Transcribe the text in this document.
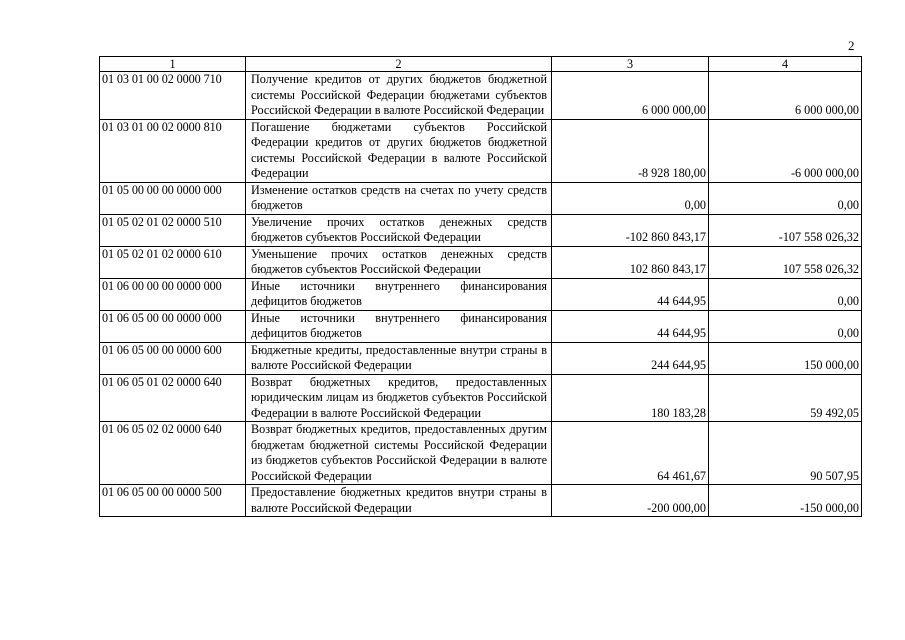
2
1	2	3	4
01 03 01 00 02 0000 710	Получение кредитов от других бюджетов бюджетной системы Российской Федерации бюджетами субъектов Российской Федерации в валюте Российской Федерации	6 000 000,00	6 000 000,00
01 03 01 00 02 0000 810	Погашение бюджетами субъектов Российской Федерации кредитов от других бюджетов бюджетной системы Российской Федерации в валюте Российской Федерации	-8 928 180,00	-6 000 000,00
01 05 00 00 00 0000 000	Изменение остатков средств на счетах по учету средств бюджетов	0,00	0,00
01 05 02 01 02 0000 510	Увеличение прочих остатков денежных средств бюджетов субъектов Российской Федерации	-102 860 843,17	-107 558 026,32
01 05 02 01 02 0000 610	Уменьшение прочих остатков денежных средств бюджетов субъектов Российской Федерации	102 860 843,17	107 558 026,32
01 06 00 00 00 0000 000	Иные источники внутреннего финансирования дефицитов бюджетов	44 644,95	0,00
01 06 05 00 00 0000 000	Иные источники внутреннего финансирования дефицитов бюджетов	44 644,95	0,00
01 06 05 00 00 0000 600	Бюджетные кредиты, предоставленные внутри страны в валюте Российской Федерации	244 644,95	150 000,00
01 06 05 01 02 0000 640	Возврат бюджетных кредитов, предоставленных юридическим лицам из бюджетов субъектов Российской Федерации в валюте Российской Федерации	180 183,28	59 492,05
01 06 05 02 02 0000 640	Возврат бюджетных кредитов, предоставленных другим бюджетам бюджетной системы Российской Федерации из бюджетов субъектов Российской Федерации в валюте Российской Федерации	64 461,67	90 507,95
01 06 05 00 00 0000 500	Предоставление бюджетных кредитов внутри страны в валюте Российской Федерации	-200 000,00	-150 000,00
